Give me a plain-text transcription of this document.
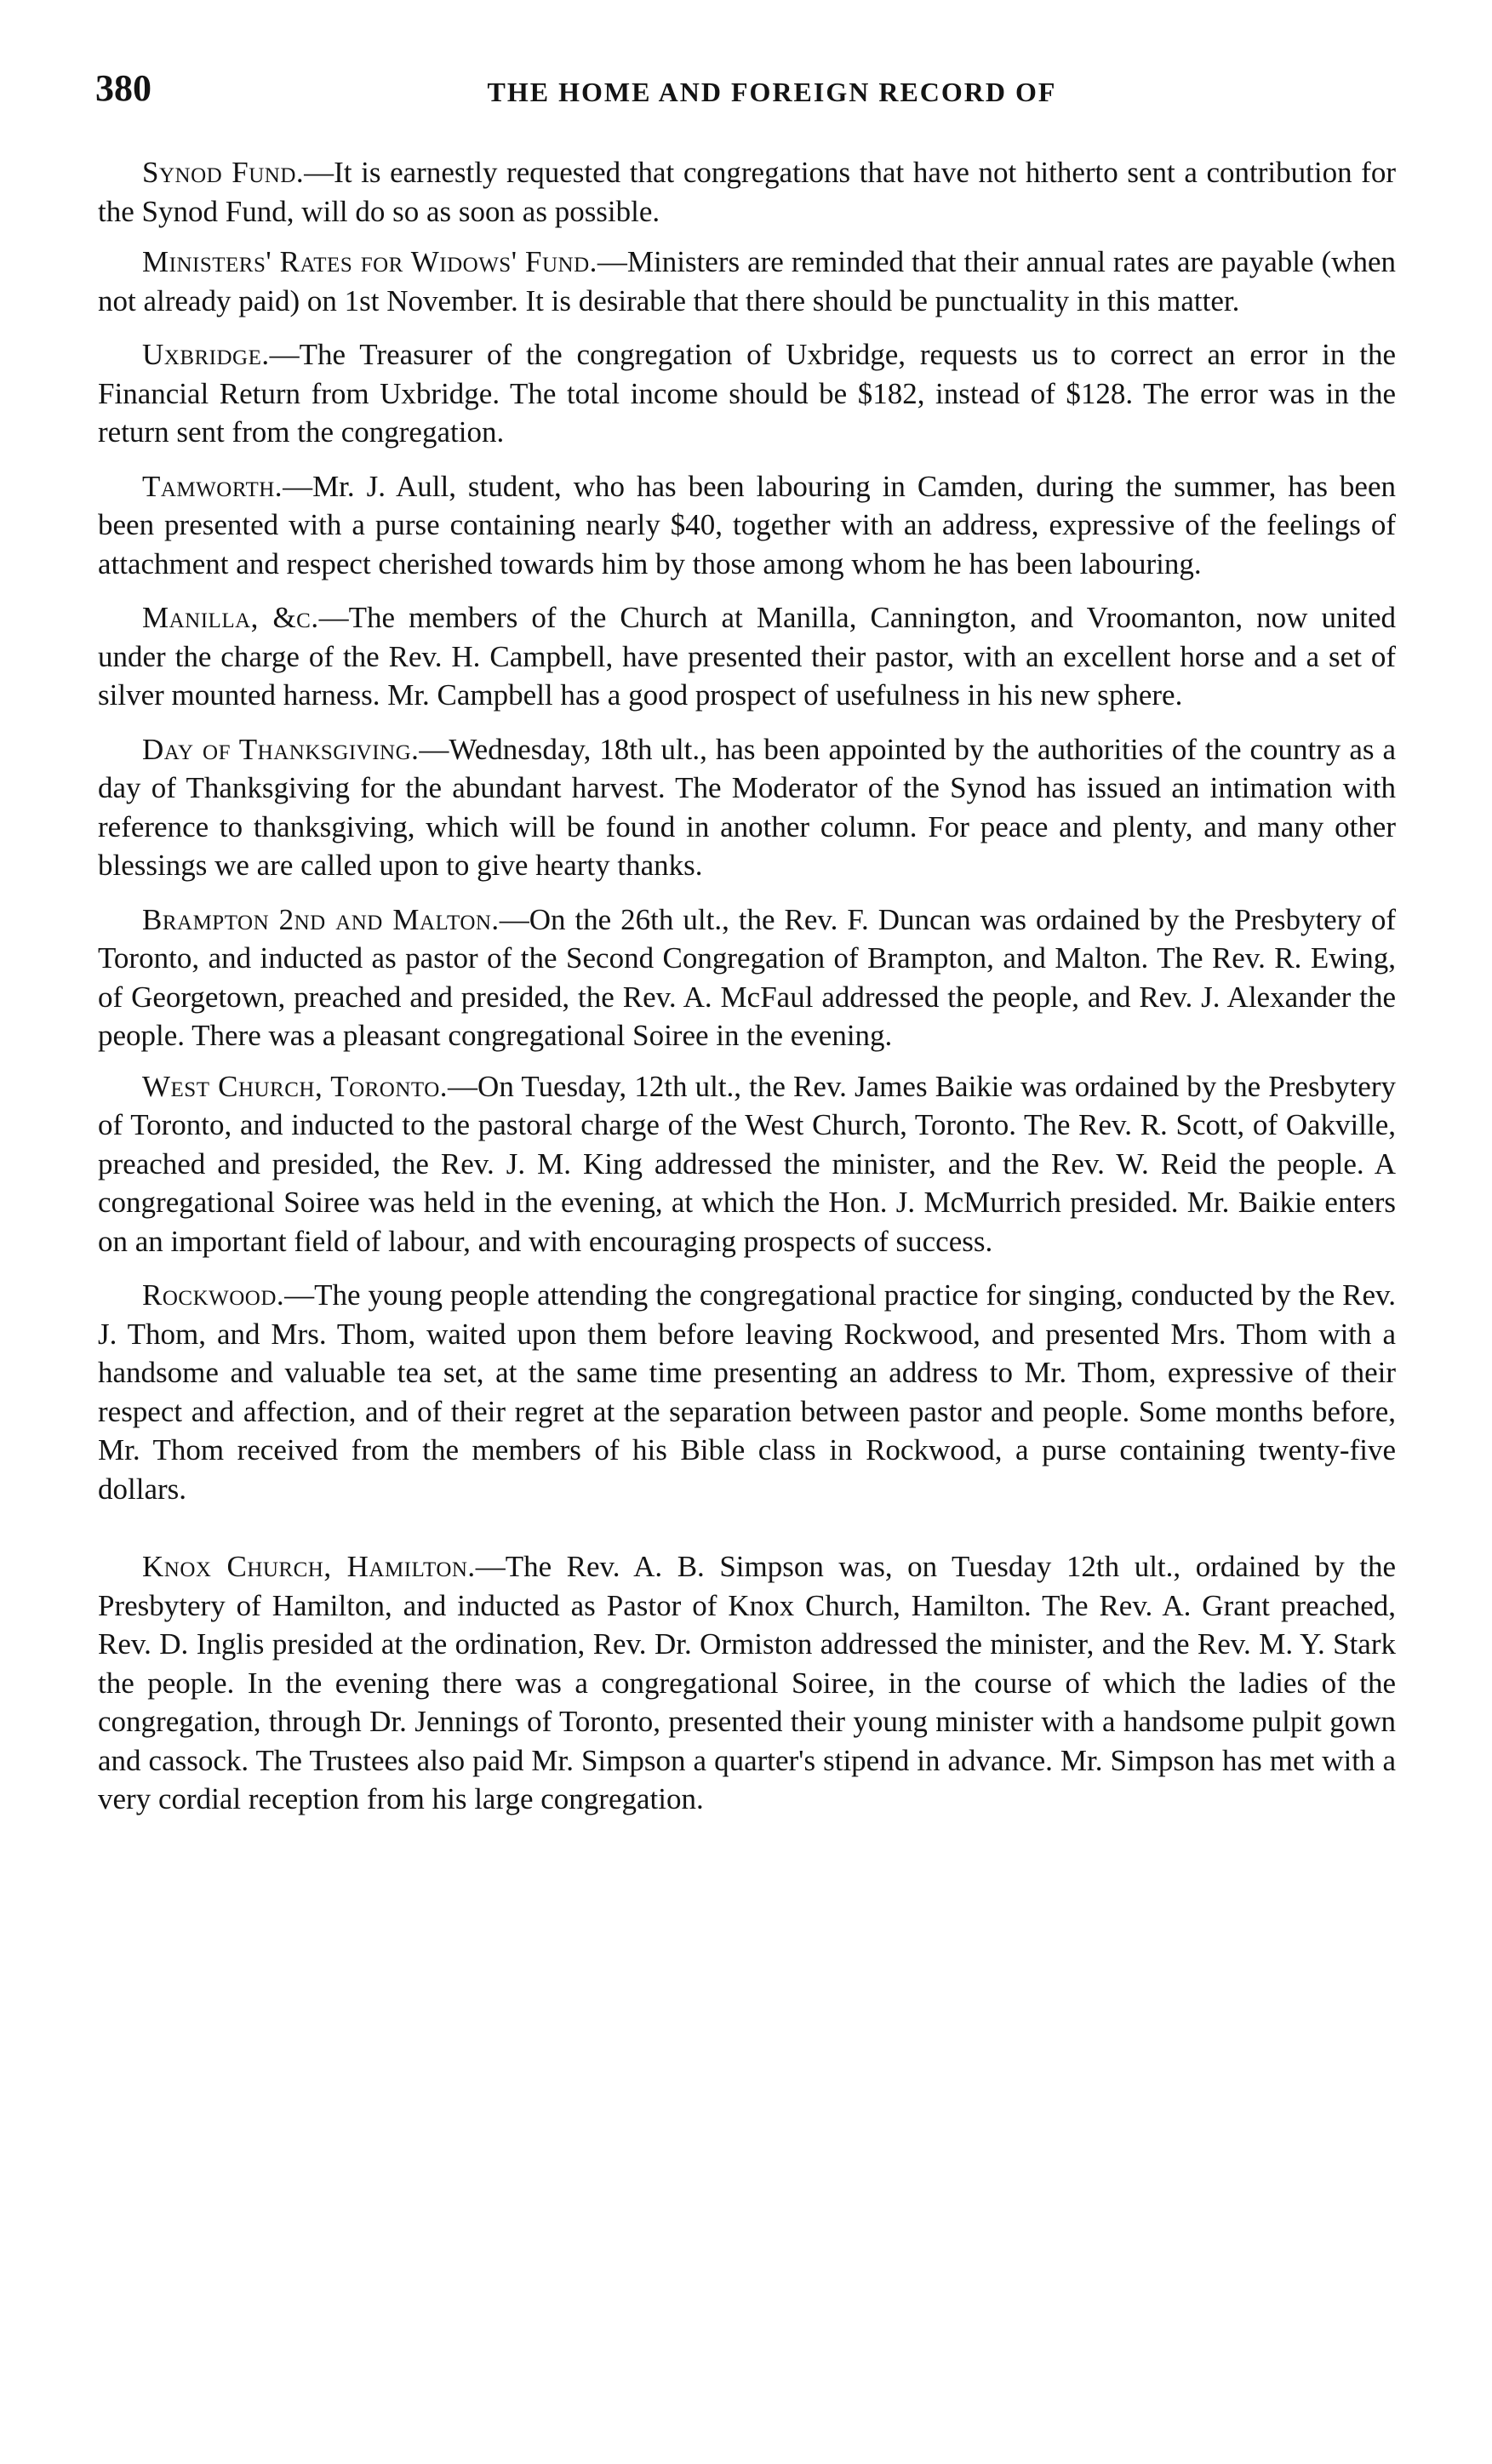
380	THE HOME AND FOREIGN RECORD OF

Synod Fund.—It is earnestly requested that congregations that have not hitherto sent a contribution for the Synod Fund, will do so as soon as possible.

Ministers' Rates for Widows' Fund.—Ministers are reminded that their annual rates are payable (when not already paid) on 1st November. It is desirable that there should be punctuality in this matter.

Uxbridge.—The Treasurer of the congregation of Uxbridge, requests us to correct an error in the Financial Return from Uxbridge. The total income should be $182, instead of $128. The error was in the return sent from the congregation.

Tamworth.—Mr. J. Aull, student, who has been labouring in Camden, during the summer, has been been presented with a purse containing nearly $40, together with an address, expressive of the feelings of attachment and respect cherished towards him by those among whom he has been labouring.

Manilla, &c.—The members of the Church at Manilla, Cannington, and Vroomanton, now united under the charge of the Rev. H. Campbell, have presented their pastor, with an excellent horse and a set of silver mounted harness. Mr. Campbell has a good prospect of usefulness in his new sphere.

Day of Thanksgiving.—Wednesday, 18th ult., has been appointed by the authorities of the country as a day of Thanksgiving for the abundant harvest. The Moderator of the Synod has issued an intimation with reference to thanksgiving, which will be found in another column. For peace and plenty, and many other blessings we are called upon to give hearty thanks.

Brampton 2nd and Malton.—On the 26th ult., the Rev. F. Duncan was ordained by the Presbytery of Toronto, and inducted as pastor of the Second Congregation of Brampton, and Malton. The Rev. R. Ewing, of Georgetown, preached and presided, the Rev. A. McFaul addressed the people, and Rev. J. Alexander the people. There was a pleasant congregational Soiree in the evening.

West Church, Toronto.—On Tuesday, 12th ult., the Rev. James Baikie was ordained by the Presbytery of Toronto, and inducted to the pastoral charge of the West Church, Toronto. The Rev. R. Scott, of Oakville, preached and presided, the Rev. J. M. King addressed the minister, and the Rev. W. Reid the people. A congregational Soiree was held in the evening, at which the Hon. J. McMurrich presided. Mr. Baikie enters on an important field of labour, and with encouraging prospects of success.

Rockwood.—The young people attending the congregational practice for singing, conducted by the Rev. J. Thom, and Mrs. Thom, waited upon them before leaving Rockwood, and presented Mrs. Thom with a handsome and valuable tea set, at the same time presenting an address to Mr. Thom, expressive of their respect and affection, and of their regret at the separation between pastor and people. Some months before, Mr. Thom received from the members of his Bible class in Rockwood, a purse containing twenty-five dollars.

Knox Church, Hamilton.—The Rev. A. B. Simpson was, on Tuesday 12th ult., ordained by the Presbytery of Hamilton, and inducted as Pastor of Knox Church, Hamilton. The Rev. A. Grant preached, Rev. D. Inglis presided at the ordination, Rev. Dr. Ormiston addressed the minister, and the Rev. M. Y. Stark the people. In the evening there was a congregational Soiree, in the course of which the ladies of the congregation, through Dr. Jennings of Toronto, presented their young minister with a handsome pulpit gown and cassock. The Trustees also paid Mr. Simpson a quarter's stipend in advance. Mr. Simpson has met with a very cordial reception from his large congregation.
